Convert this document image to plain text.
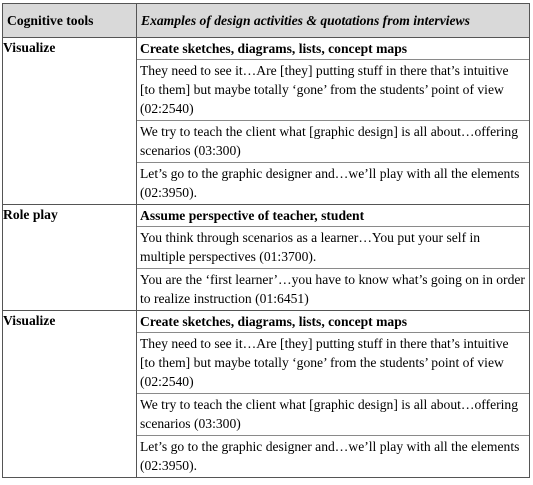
Cognitive tools	Examples of design activities & quotations from interviews
Visualize	Create sketches, diagrams, lists, concept maps
They need to see it…Are [they] putting stuff in there that’s intuitive [to them] but maybe totally ‘gone’ from the students’ point of view (02:2540)
We try to teach the client what [graphic design] is all about…offering scenarios (03:300)
Let’s go to the graphic designer and…we’ll play with all the elements (02:3950).

Role play	Assume perspective of teacher, student
You think through scenarios as a learner…You put your self in multiple perspectives (01:3700).
You are the ‘first learner’…you have to know what’s going on in order to realize instruction (01:6451)

Visualize	Create sketches, diagrams, lists, concept maps
They need to see it…Are [they] putting stuff in there that’s intuitive [to them] but maybe totally ‘gone’ from the students’ point of view (02:2540)
We try to teach the client what [graphic design] is all about…offering scenarios (03:300)
Let’s go to the graphic designer and…we’ll play with all the elements (02:3950).
